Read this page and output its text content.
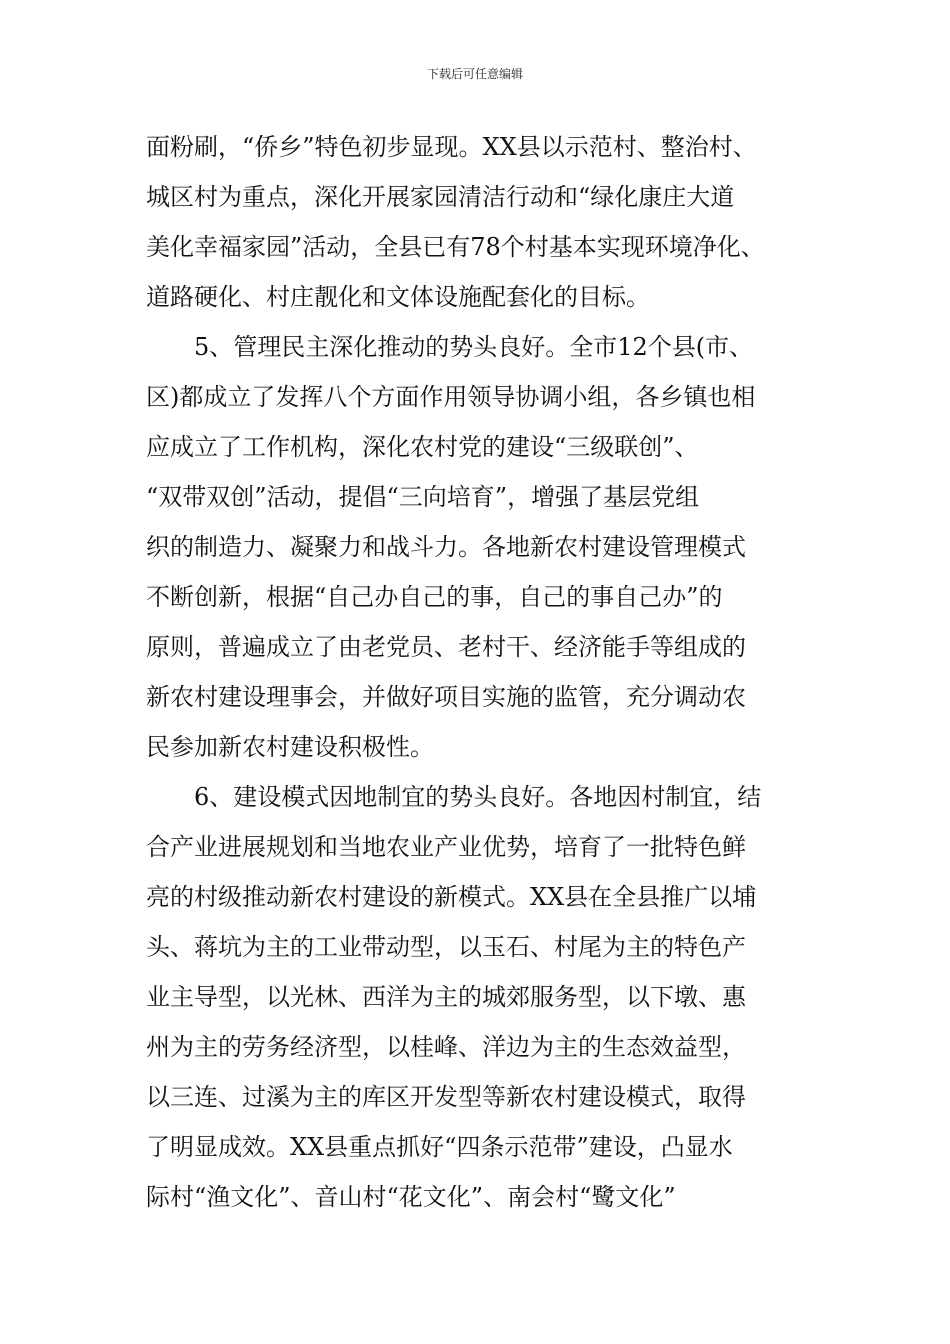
下载后可任意编辑
面粉刷，“侨乡”特色初步显现。XX县以示范村、整治村、
城区村为重点，深化开展家园清洁行动和“绿化康庄大道
美化幸福家园”活动，全县已有78个村基本实现环境净化、
道路硬化、村庄靓化和文体设施配套化的目标。
　　5、管理民主深化推动的势头良好。全市12个县(市、
区)都成立了发挥八个方面作用领导协调小组，各乡镇也相
应成立了工作机构，深化农村党的建设“三级联创”、
“双带双创”活动，提倡“三向培育”，增强了基层党组
织的制造力、凝聚力和战斗力。各地新农村建设管理模式
不断创新，根据“自己办自己的事，自己的事自己办”的
原则，普遍成立了由老党员、老村干、经济能手等组成的
新农村建设理事会，并做好项目实施的监管，充分调动农
民参加新农村建设积极性。
　　6、建设模式因地制宜的势头良好。各地因村制宜，结
合产业进展规划和当地农业产业优势，培育了一批特色鲜
亮的村级推动新农村建设的新模式。XX县在全县推广以埔
头、蒋坑为主的工业带动型，以玉石、村尾为主的特色产
业主导型，以光林、西洋为主的城郊服务型，以下墩、惠
州为主的劳务经济型，以桂峰、洋边为主的生态效益型，
以三连、过溪为主的库区开发型等新农村建设模式，取得
了明显成效。XX县重点抓好“四条示范带”建设，凸显水
际村“渔文化”、音山村“花文化”、南会村“鹭文化”
